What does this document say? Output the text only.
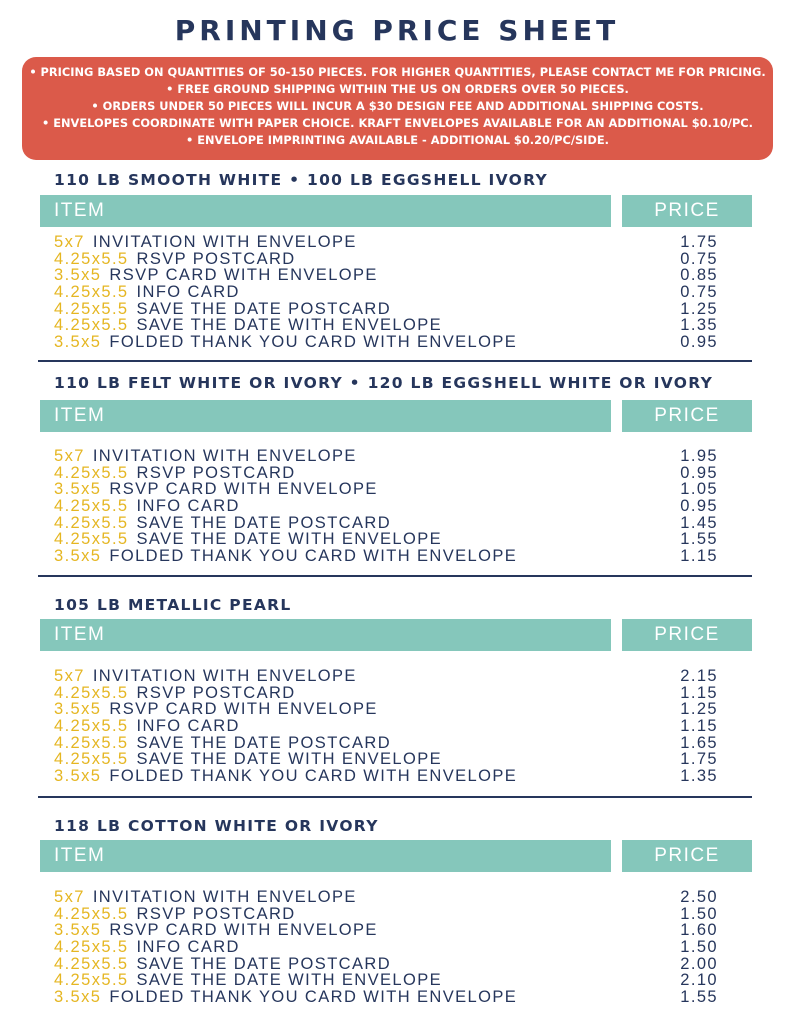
PRINTING PRICE SHEET
• PRICING BASED ON QUANTITIES OF 50-150 PIECES. FOR HIGHER QUANTITIES, PLEASE CONTACT ME FOR PRICING.
• FREE GROUND SHIPPING WITHIN THE US ON ORDERS OVER 50 PIECES.
• ORDERS UNDER 50 PIECES WILL INCUR A $30 DESIGN FEE AND ADDITIONAL SHIPPING COSTS.
• ENVELOPES COORDINATE WITH PAPER CHOICE. KRAFT ENVELOPES AVAILABLE FOR AN ADDITIONAL $0.10/PC.
• ENVELOPE IMPRINTING AVAILABLE - ADDITIONAL $0.20/PC/SIDE.
110 LB SMOOTH WHITE • 100 LB EGGSHELL IVORY
ITEM	PRICE
5x7 INVITATION WITH ENVELOPE	1.75
4.25x5.5 RSVP POSTCARD	0.75
3.5x5 RSVP CARD WITH ENVELOPE	0.85
4.25x5.5 INFO CARD	0.75
4.25x5.5 SAVE THE DATE POSTCARD	1.25
4.25x5.5 SAVE THE DATE WITH ENVELOPE	1.35
3.5x5 FOLDED THANK YOU CARD WITH ENVELOPE	0.95
110 LB FELT WHITE OR IVORY • 120 LB EGGSHELL WHITE OR IVORY
ITEM	PRICE
5x7 INVITATION WITH ENVELOPE	1.95
4.25x5.5 RSVP POSTCARD	0.95
3.5x5 RSVP CARD WITH ENVELOPE	1.05
4.25x5.5 INFO CARD	0.95
4.25x5.5 SAVE THE DATE POSTCARD	1.45
4.25x5.5 SAVE THE DATE WITH ENVELOPE	1.55
3.5x5 FOLDED THANK YOU CARD WITH ENVELOPE	1.15
105 LB METALLIC PEARL
ITEM	PRICE
5x7 INVITATION WITH ENVELOPE	2.15
4.25x5.5 RSVP POSTCARD	1.15
3.5x5 RSVP CARD WITH ENVELOPE	1.25
4.25x5.5 INFO CARD	1.15
4.25x5.5 SAVE THE DATE POSTCARD	1.65
4.25x5.5 SAVE THE DATE WITH ENVELOPE	1.75
3.5x5 FOLDED THANK YOU CARD WITH ENVELOPE	1.35
118 LB COTTON WHITE OR IVORY
ITEM	PRICE
5x7 INVITATION WITH ENVELOPE	2.50
4.25x5.5 RSVP POSTCARD	1.50
3.5x5 RSVP CARD WITH ENVELOPE	1.60
4.25x5.5 INFO CARD	1.50
4.25x5.5 SAVE THE DATE POSTCARD	2.00
4.25x5.5 SAVE THE DATE WITH ENVELOPE	2.10
3.5x5 FOLDED THANK YOU CARD WITH ENVELOPE	1.55
